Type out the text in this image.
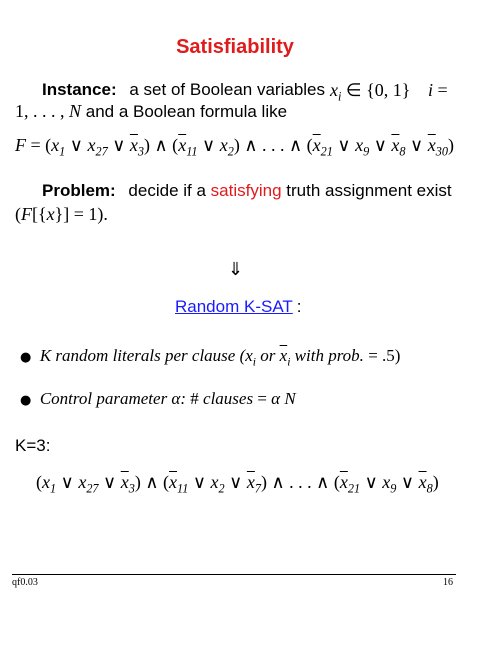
Satisfiability
Instance: a set of Boolean variables $x_i$ ∈ {0, 1} i =
1, . . . , N and a Boolean formula like
$F = (x_1$ ∨ $x_{27}$ ∨ $\overline{x}_3$) ∧ ($\overline{x}_{11}$ ∨ $x_2$) ∧ . . . ∧ ($\overline{x}_{21}$ ∨ $x_9$ ∨ $\overline{x}_8$ ∨ $\overline{x}_{30}$)
Problem: decide if a satisfying truth assignment exist
(F[{x}] = 1).
⇓
Random K-SAT :
●  K random literals per clause ($x_i$ or $\overline{x}_i$ with prob. = .5)
●  Control parameter α: # clauses = α N
K=3:
($x_1$ ∨ $x_{27}$ ∨ $\overline{x}_3$) ∧ ($\overline{x}_{11}$ ∨ $x_2$ ∨ $\overline{x}_7$) ∧ . . . ∧ ($\overline{x}_{21}$ ∨ $x_9$ ∨ $\overline{x}_8$)
qf0.03	16
